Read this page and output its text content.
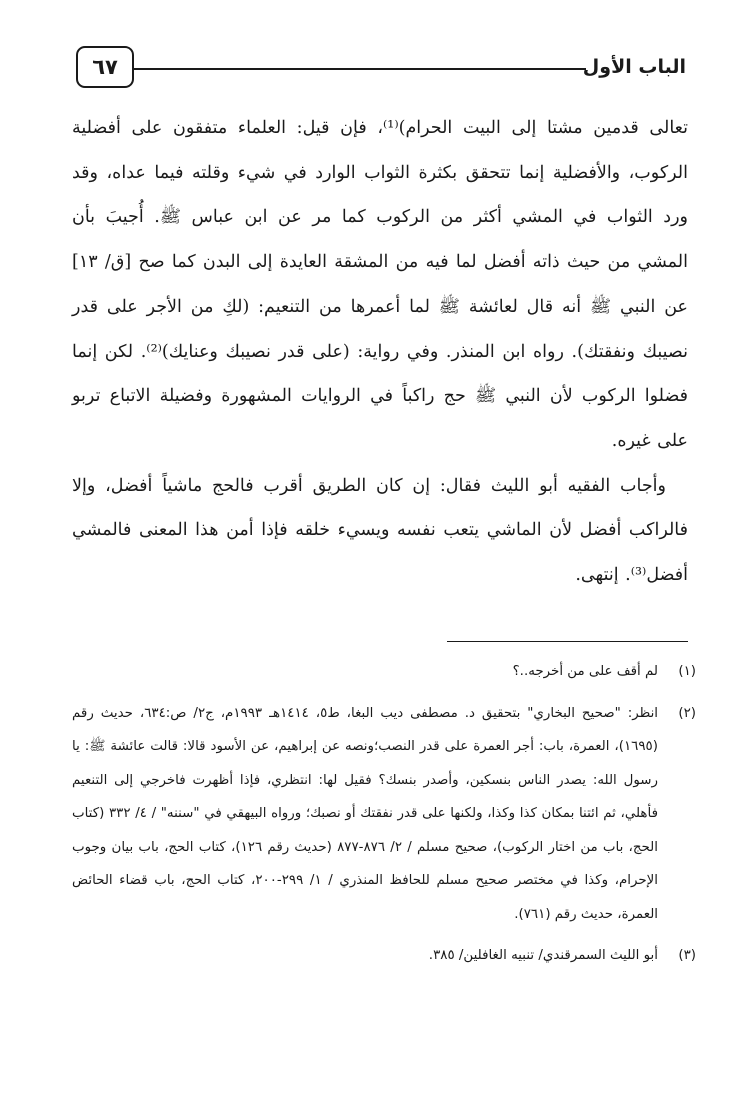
الباب الأول
٦٧

تعالى قدمين مشتا إلى البيت الحرام)⁽¹⁾، فإن قيل: العلماء متفقون على أفضلية الركوب، والأفضلية إنما تتحقق بكثرة الثواب الوارد في شيء وقلته فيما عداه، وقد ورد الثواب في المشي أكثر من الركوب كما مر عن ابن عباس ﷺ. أُجيبَ بأن المشي من حيث ذاته أفضل لما فيه من المشقة العايدة إلى البدن كما صح [ق/ ١٣] عن النبي ﷺ أنه قال لعائشة ﷺ لما أعمرها من التنعيم: (لكِ من الأجر على قدر نصيبك ونفقتك). رواه ابن المنذر. وفي رواية: (على قدر نصيبك وعنايك)⁽²⁾. لكن إنما فضلوا الركوب لأن النبي ﷺ حج راكباً في الروايات المشهورة وفضيلة الاتباع تربو على غيره.

وأجاب الفقيه أبو الليث فقال: إن كان الطريق أقرب فالحج ماشياً أفضل، وإلا فالراكب أفضل لأن الماشي يتعب نفسه ويسيء خلقه فإذا أمن هذا المعنى فالمشي أفضل⁽³⁾. إنتهى.

(١)
لم أقف على من أخرجه..؟
(٢)
انظر: "صحيح البخاري" بتحقيق د. مصطفى ديب البغا، ط٥، ١٤١٤هـ ١٩٩٣م، ج٢/ ص:٦٣٤، حديث رقم (١٦٩٥)، العمرة، باب: أجر العمرة على قدر النصب؛ونصه عن إبراهيم، عن الأسود قالا: قالت عائشة ﷺ: يا رسول الله: يصدر الناس بنسكين، وأصدر بنسك؟ فقيل لها: انتظري، فإذا أظهرت فاخرجي إلى التنعيم فأهلي، ثم ائتنا بمكان كذا وكذا، ولكنها على قدر نفقتك أو نصبك؛ ورواه البيهقي في "سننه" / ٤/ ٣٣٢ (كتاب الحج، باب من اختار الركوب)، صحيح مسلم / ٢/ ٨٧٦-٨٧٧ (حديث رقم ١٢٦)، كتاب الحج، باب بيان وجوب الإحرام، وكذا في مختصر صحيح مسلم للحافظ المنذري / ١/ ٢٩٩-٢٠٠، كتاب الحج، باب قضاء الحائض العمرة، حديث رقم (٧٦١).
(٣)
أبو الليث السمرقندي/ تنبيه الغافلين/ ٣٨٥.
